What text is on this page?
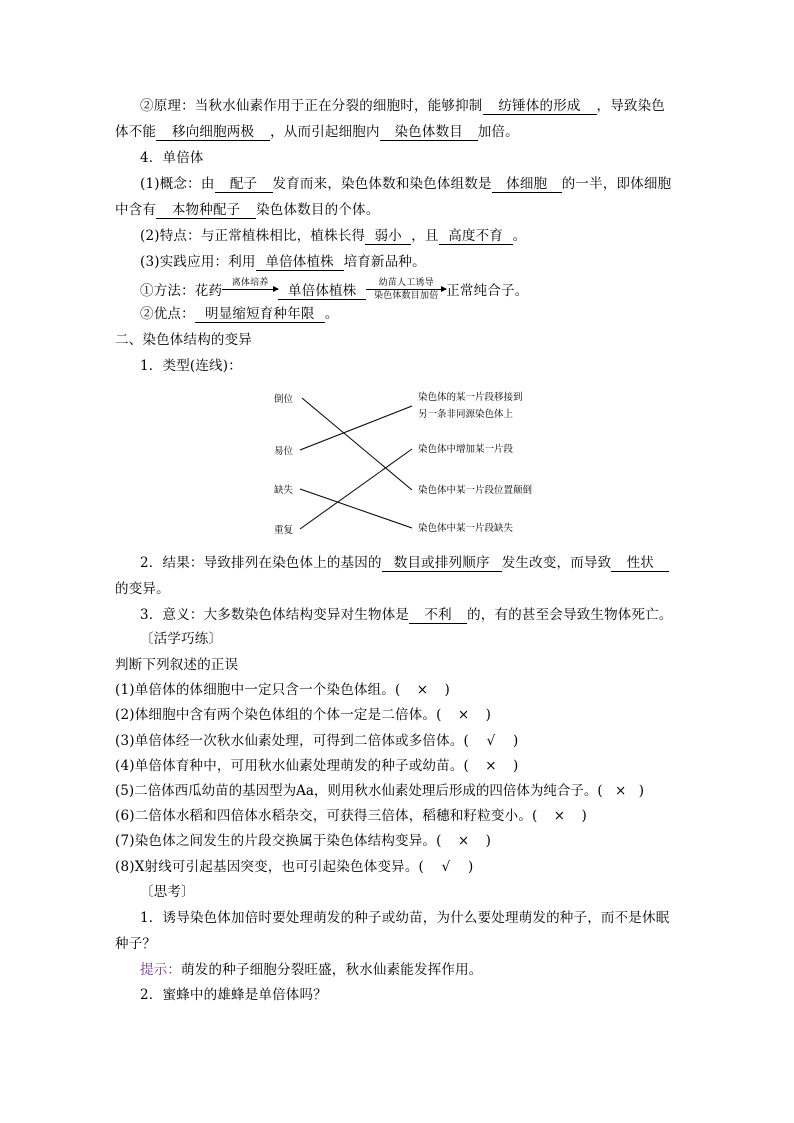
②原理：当秋水仙素作用于正在分裂的细胞时，能够抑制 纺锤体的形成 ，导致染色
体不能 移向细胞两极 ，从而引起细胞内 染色体数目 加倍。
4．单倍体
(1)概念：由 配子 发育而来，染色体数和染色体组数是 体细胞 的一半，即体细胞
中含有 本物种配子 染色体数目的个体。
(2)特点：与正常植株相比，植株长得 弱小 ，且 高度不育 。
(3)实践应用：利用 单倍体植株 培育新品种。
①方法：花药	离体培养
	单倍体植株	幼苗人工诱导
染色体数目加倍 正常纯合子。
②优点： 明显缩短育种年限 。
二、染色体结构的变异
1．类型(连线)：
倒位
易位
缺失
重复
染色体的某一片段移接到
另一条非同源染色体上
染色体中增加某一片段
染色体中某一片段位置颠倒
染色体中某一片段缺失
2．结果：导致排列在染色体上的基因的 数目或排列顺序 发生改变，而导致 性状
的变异。
3．意义：大多数染色体结构变异对生物体是 不利 的，有的甚至会导致生物体死亡。
〔活学巧练〕
判断下列叙述的正误
(1)单倍体的体细胞中一定只含一个染色体组。( × )
(2)体细胞中含有两个染色体组的个体一定是二倍体。( × )
(3)单倍体经一次秋水仙素处理，可得到二倍体或多倍体。( √ )
(4)单倍体育种中，可用秋水仙素处理萌发的种子或幼苗。( × )
(5)二倍体西瓜幼苗的基因型为Aa，则用秋水仙素处理后形成的四倍体为纯合子。( × )
(6)二倍体水稻和四倍体水稻杂交，可获得三倍体，稻穗和籽粒变小。( × )
(7)染色体之间发生的片段交换属于染色体结构变异。( × )
(8)X射线可引起基因突变，也可引起染色体变异。( √ )
〔思考〕
1．诱导染色体加倍时要处理萌发的种子或幼苗，为什么要处理萌发的种子，而不是休眠
种子？
提示：萌发的种子细胞分裂旺盛，秋水仙素能发挥作用。
2．蜜蜂中的雄蜂是单倍体吗？
